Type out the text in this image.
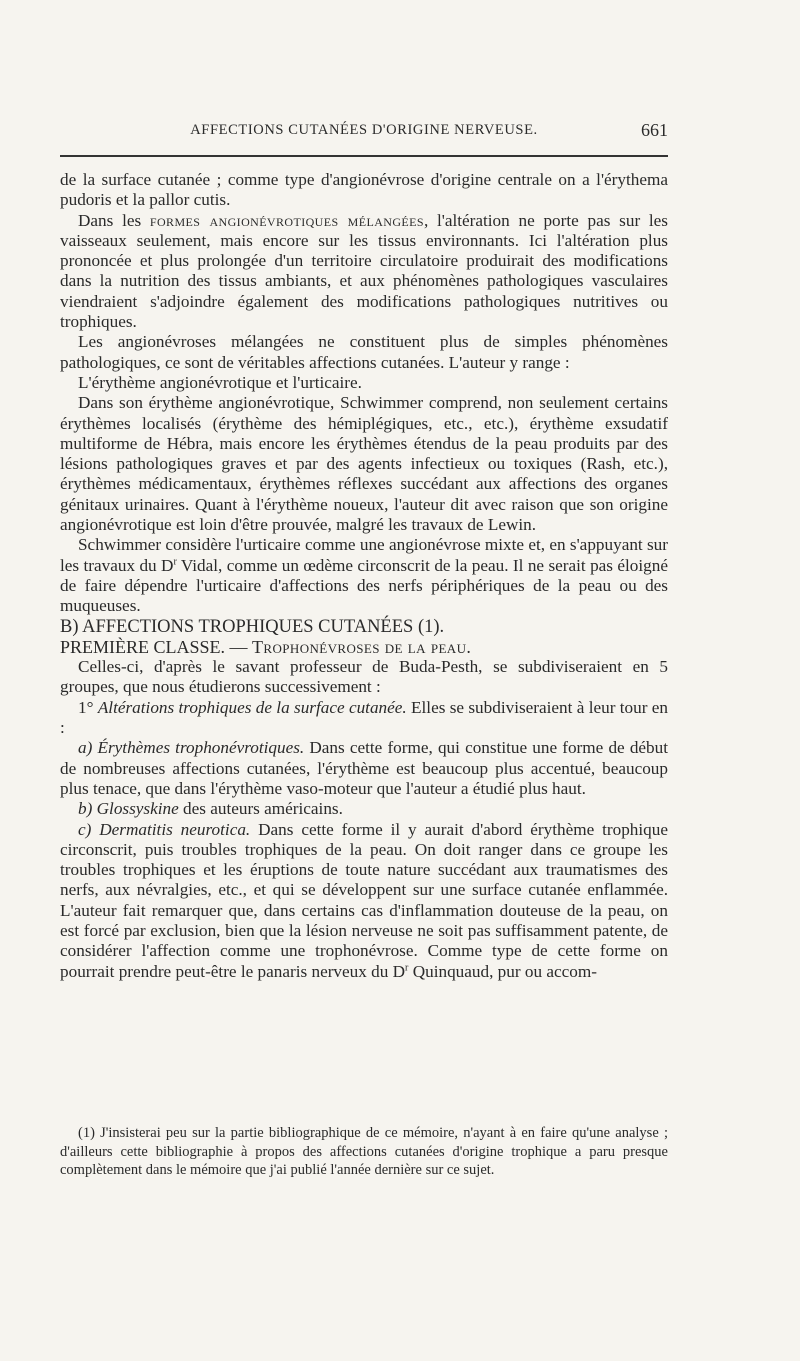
AFFECTIONS CUTANÉES D'ORIGINE NERVEUSE.	661

de la surface cutanée ; comme type d'angionévrose d'origine centrale on a l'érythema pudoris et la pallor cutis.

Dans les formes angionévrotiques mélangées, l'altération ne porte pas sur les vaisseaux seulement, mais encore sur les tissus environnants. Ici l'altération plus prononcée et plus prolongée d'un territoire circulatoire produirait des modifications dans la nutrition des tissus ambiants, et aux phénomènes pathologiques vasculaires viendraient s'adjoindre également des modifications pathologiques nutritives ou trophiques.

Les angionévroses mélangées ne constituent plus de simples phénomènes pathologiques, ce sont de véritables affections cutanées. L'auteur y range :

L'érythème angionévrotique et l'urticaire.

Dans son érythème angionévrotique, Schwimmer comprend, non seulement certains érythèmes localisés (érythème des hémiplégiques, etc., etc.), érythème exsudatif multiforme de Hébra, mais encore les érythèmes étendus de la peau produits par des lésions pathologiques graves et par des agents infectieux ou toxiques (Rash, etc.), érythèmes médicamentaux, érythèmes réflexes succédant aux affections des organes génitaux urinaires. Quant à l'érythème noueux, l'auteur dit avec raison que son origine angionévrotique est loin d'être prouvée, malgré les travaux de Lewin.

Schwimmer considère l'urticaire comme une angionévrose mixte et, en s'appuyant sur les travaux du $D^r$ Vidal, comme un œdème circonscrit de la peau. Il ne serait pas éloigné de faire dépendre l'urticaire d'affections des nerfs périphériques de la peau ou des muqueuses.

B) AFFECTIONS TROPHIQUES CUTANÉES (1).

PREMIÈRE CLASSE. — Trophonévroses de la peau.

Celles-ci, d'après le savant professeur de Buda-Pesth, se subdiviseraient en 5 groupes, que nous étudierons successivement :

1° Altérations trophiques de la surface cutanée. Elles se subdiviseraient à leur tour en :

a) Érythèmes trophonévrotiques. Dans cette forme, qui constitue une forme de début de nombreuses affections cutanées, l'érythème est beaucoup plus accentué, beaucoup plus tenace, que dans l'érythème vaso-moteur que l'auteur a étudié plus haut.

b) Glossyskine des auteurs américains.

c) Dermatitis neurotica. Dans cette forme il y aurait d'abord érythème trophique circonscrit, puis troubles trophiques de la peau. On doit ranger dans ce groupe les troubles trophiques et les éruptions de toute nature succédant aux traumatismes des nerfs, aux névralgies, etc., et qui se développent sur une surface cutanée enflammée. L'auteur fait remarquer que, dans certains cas d'inflammation douteuse de la peau, on est forcé par exclusion, bien que la lésion nerveuse ne soit pas suffisamment patente, de considérer l'affection comme une trophonévrose. Comme type de cette forme on pourrait prendre peut-être le panaris nerveux du $D^r$ Quinquaud, pur ou accom-

(1) J'insisterai peu sur la partie bibliographique de ce mémoire, n'ayant à en faire qu'une analyse ; d'ailleurs cette bibliographie à propos des affections cutanées d'origine trophique a paru presque complètement dans le mémoire que j'ai publié l'année dernière sur ce sujet.
